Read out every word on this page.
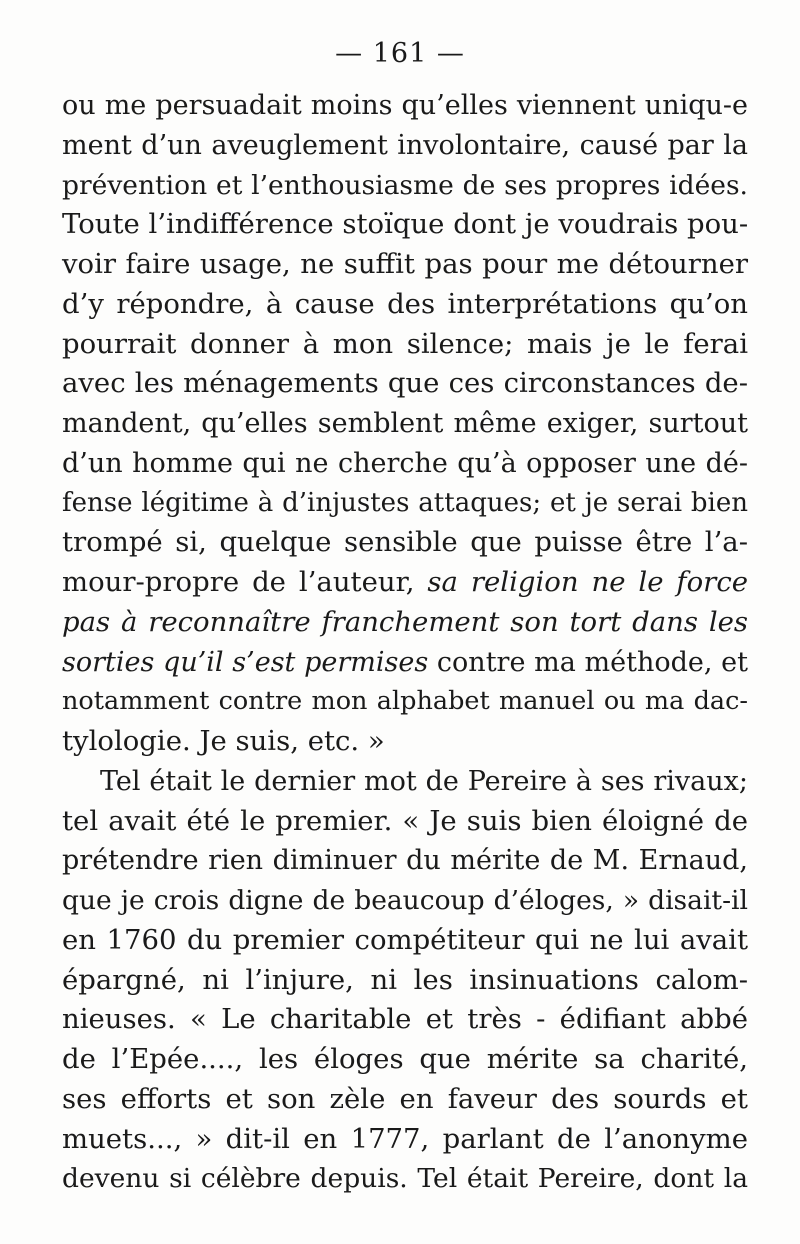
— 161 —
ou me persuadait moins qu’elles viennent uniqu-e
ment d’un aveuglement involontaire, causé par la
prévention et l’enthousiasme de ses propres idées.
Toute l’indifférence stoïque dont je voudrais pou-
voir faire usage, ne suffit pas pour me détourner
d’y répondre, à cause des interprétations qu’on
pourrait donner à mon silence; mais je le ferai
avec les ménagements que ces circonstances de-
mandent, qu’elles semblent même exiger, surtout
d’un homme qui ne cherche qu’à opposer une dé-
fense légitime à d’injustes attaques; et je serai bien
trompé si, quelque sensible que puisse être l’a-
mour-propre de l’auteur, sa religion ne le force
pas à reconnaître franchement son tort dans les
sorties qu’il s’est permises contre ma méthode, et
notamment contre mon alphabet manuel ou ma dac-
tylologie. Je suis, etc. »
Tel était le dernier mot de Pereire à ses rivaux;
tel avait été le premier. « Je suis bien éloigné de
prétendre rien diminuer du mérite de M. Ernaud,
que je crois digne de beaucoup d’éloges, » disait-il
en 1760 du premier compétiteur qui ne lui avait
épargné, ni l’injure, ni les insinuations calom-
nieuses. « Le charitable et très - édifiant abbé
de l’Epée...., les éloges que mérite sa charité,
ses efforts et son zèle en faveur des sourds et
muets..., » dit-il en 1777, parlant de l’anonyme
devenu si célèbre depuis. Tel était Pereire, dont la
